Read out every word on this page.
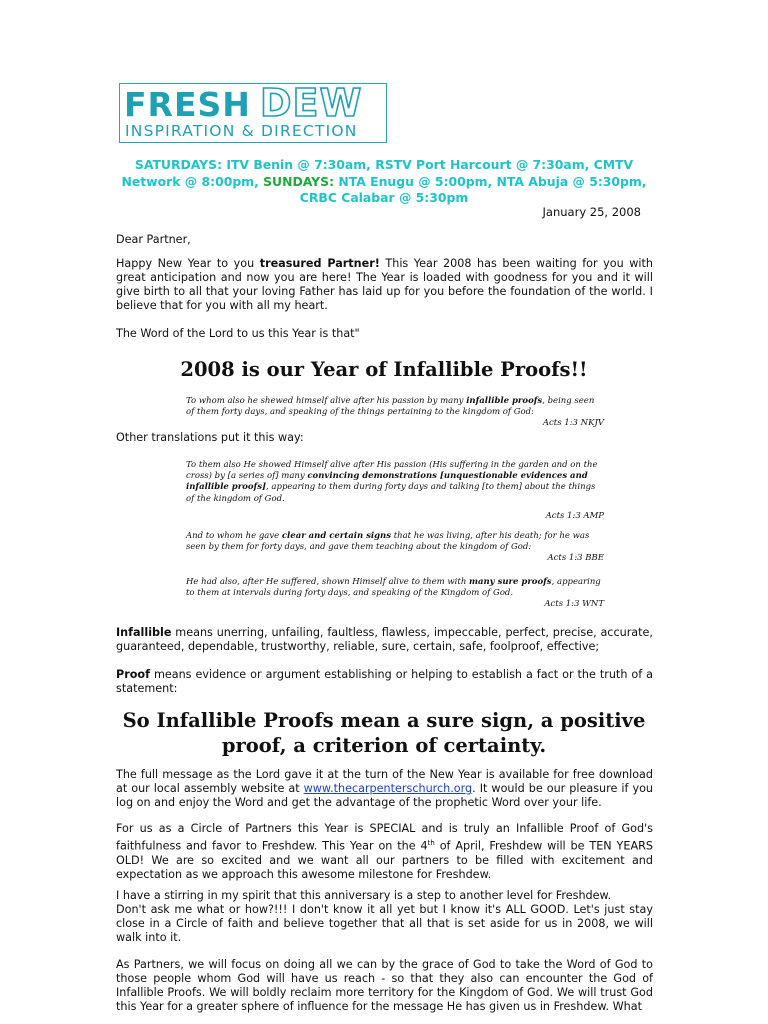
FRESH DEW
INSPIRATION & DIRECTION
SATURDAYS: ITV Benin @ 7:30am, RSTV Port Harcourt @ 7:30am, CMTV Network @ 8:00pm, SUNDAYS: NTA Enugu @ 5:00pm, NTA Abuja @ 5:30pm, CRBC Calabar @ 5:30pm
January 25, 2008
Dear Partner,
Happy New Year to you treasured Partner! This Year 2008 has been waiting for you with great anticipation and now you are here! The Year is loaded with goodness for you and it will give birth to all that your loving Father has laid up for you before the foundation of the world. I believe that for you with all my heart.
The Word of the Lord to us this Year is that"
2008 is our Year of Infallible Proofs!!
To whom also he shewed himself alive after his passion by many infallible proofs, being seen of them forty days, and speaking of the things pertaining to the kingdom of God:
Acts 1:3 NKJV
Other translations put it this way:
To them also He showed Himself alive after His passion (His suffering in the garden and on the cross) by [a series of] many convincing demonstrations [unquestionable evidences and infallible proofs], appearing to them during forty days and talking [to them] about the things of the kingdom of God.
Acts 1:3 AMP
And to whom he gave clear and certain signs that he was living, after his death; for he was seen by them for forty days, and gave them teaching about the kingdom of God:
Acts 1:3 BBE
He had also, after He suffered, shown Himself alive to them with many sure proofs, appearing to them at intervals during forty days, and speaking of the Kingdom of God.
Acts 1:3 WNT
Infallible means unerring, unfailing, faultless, flawless, impeccable, perfect, precise, accurate, guaranteed, dependable, trustworthy, reliable, sure, certain, safe, foolproof, effective;
Proof means evidence or argument establishing or helping to establish a fact or the truth of a statement:
So Infallible Proofs mean a sure sign, a positive proof, a criterion of certainty.
The full message as the Lord gave it at the turn of the New Year is available for free download at our local assembly website at www.thecarpenterschurch.org. It would be our pleasure if you log on and enjoy the Word and get the advantage of the prophetic Word over your life.
For us as a Circle of Partners this Year is SPECIAL and is truly an Infallible Proof of God's faithfulness and favor to Freshdew. This Year on the 4th of April, Freshdew will be TEN YEARS OLD! We are so excited and we want all our partners to be filled with excitement and expectation as we approach this awesome milestone for Freshdew.
I have a stirring in my spirit that this anniversary is a step to another level for Freshdew.
Don't ask me what or how?!!! I don't know it all yet but I know it's ALL GOOD. Let's just stay close in a Circle of faith and believe together that all that is set aside for us in 2008, we will walk into it.
As Partners, we will focus on doing all we can by the grace of God to take the Word of God to those people whom God will have us reach - so that they also can encounter the God of Infallible Proofs. We will boldly reclaim more territory for the Kingdom of God. We will trust God this Year for a greater sphere of influence for the message He has given us in Freshdew. What
